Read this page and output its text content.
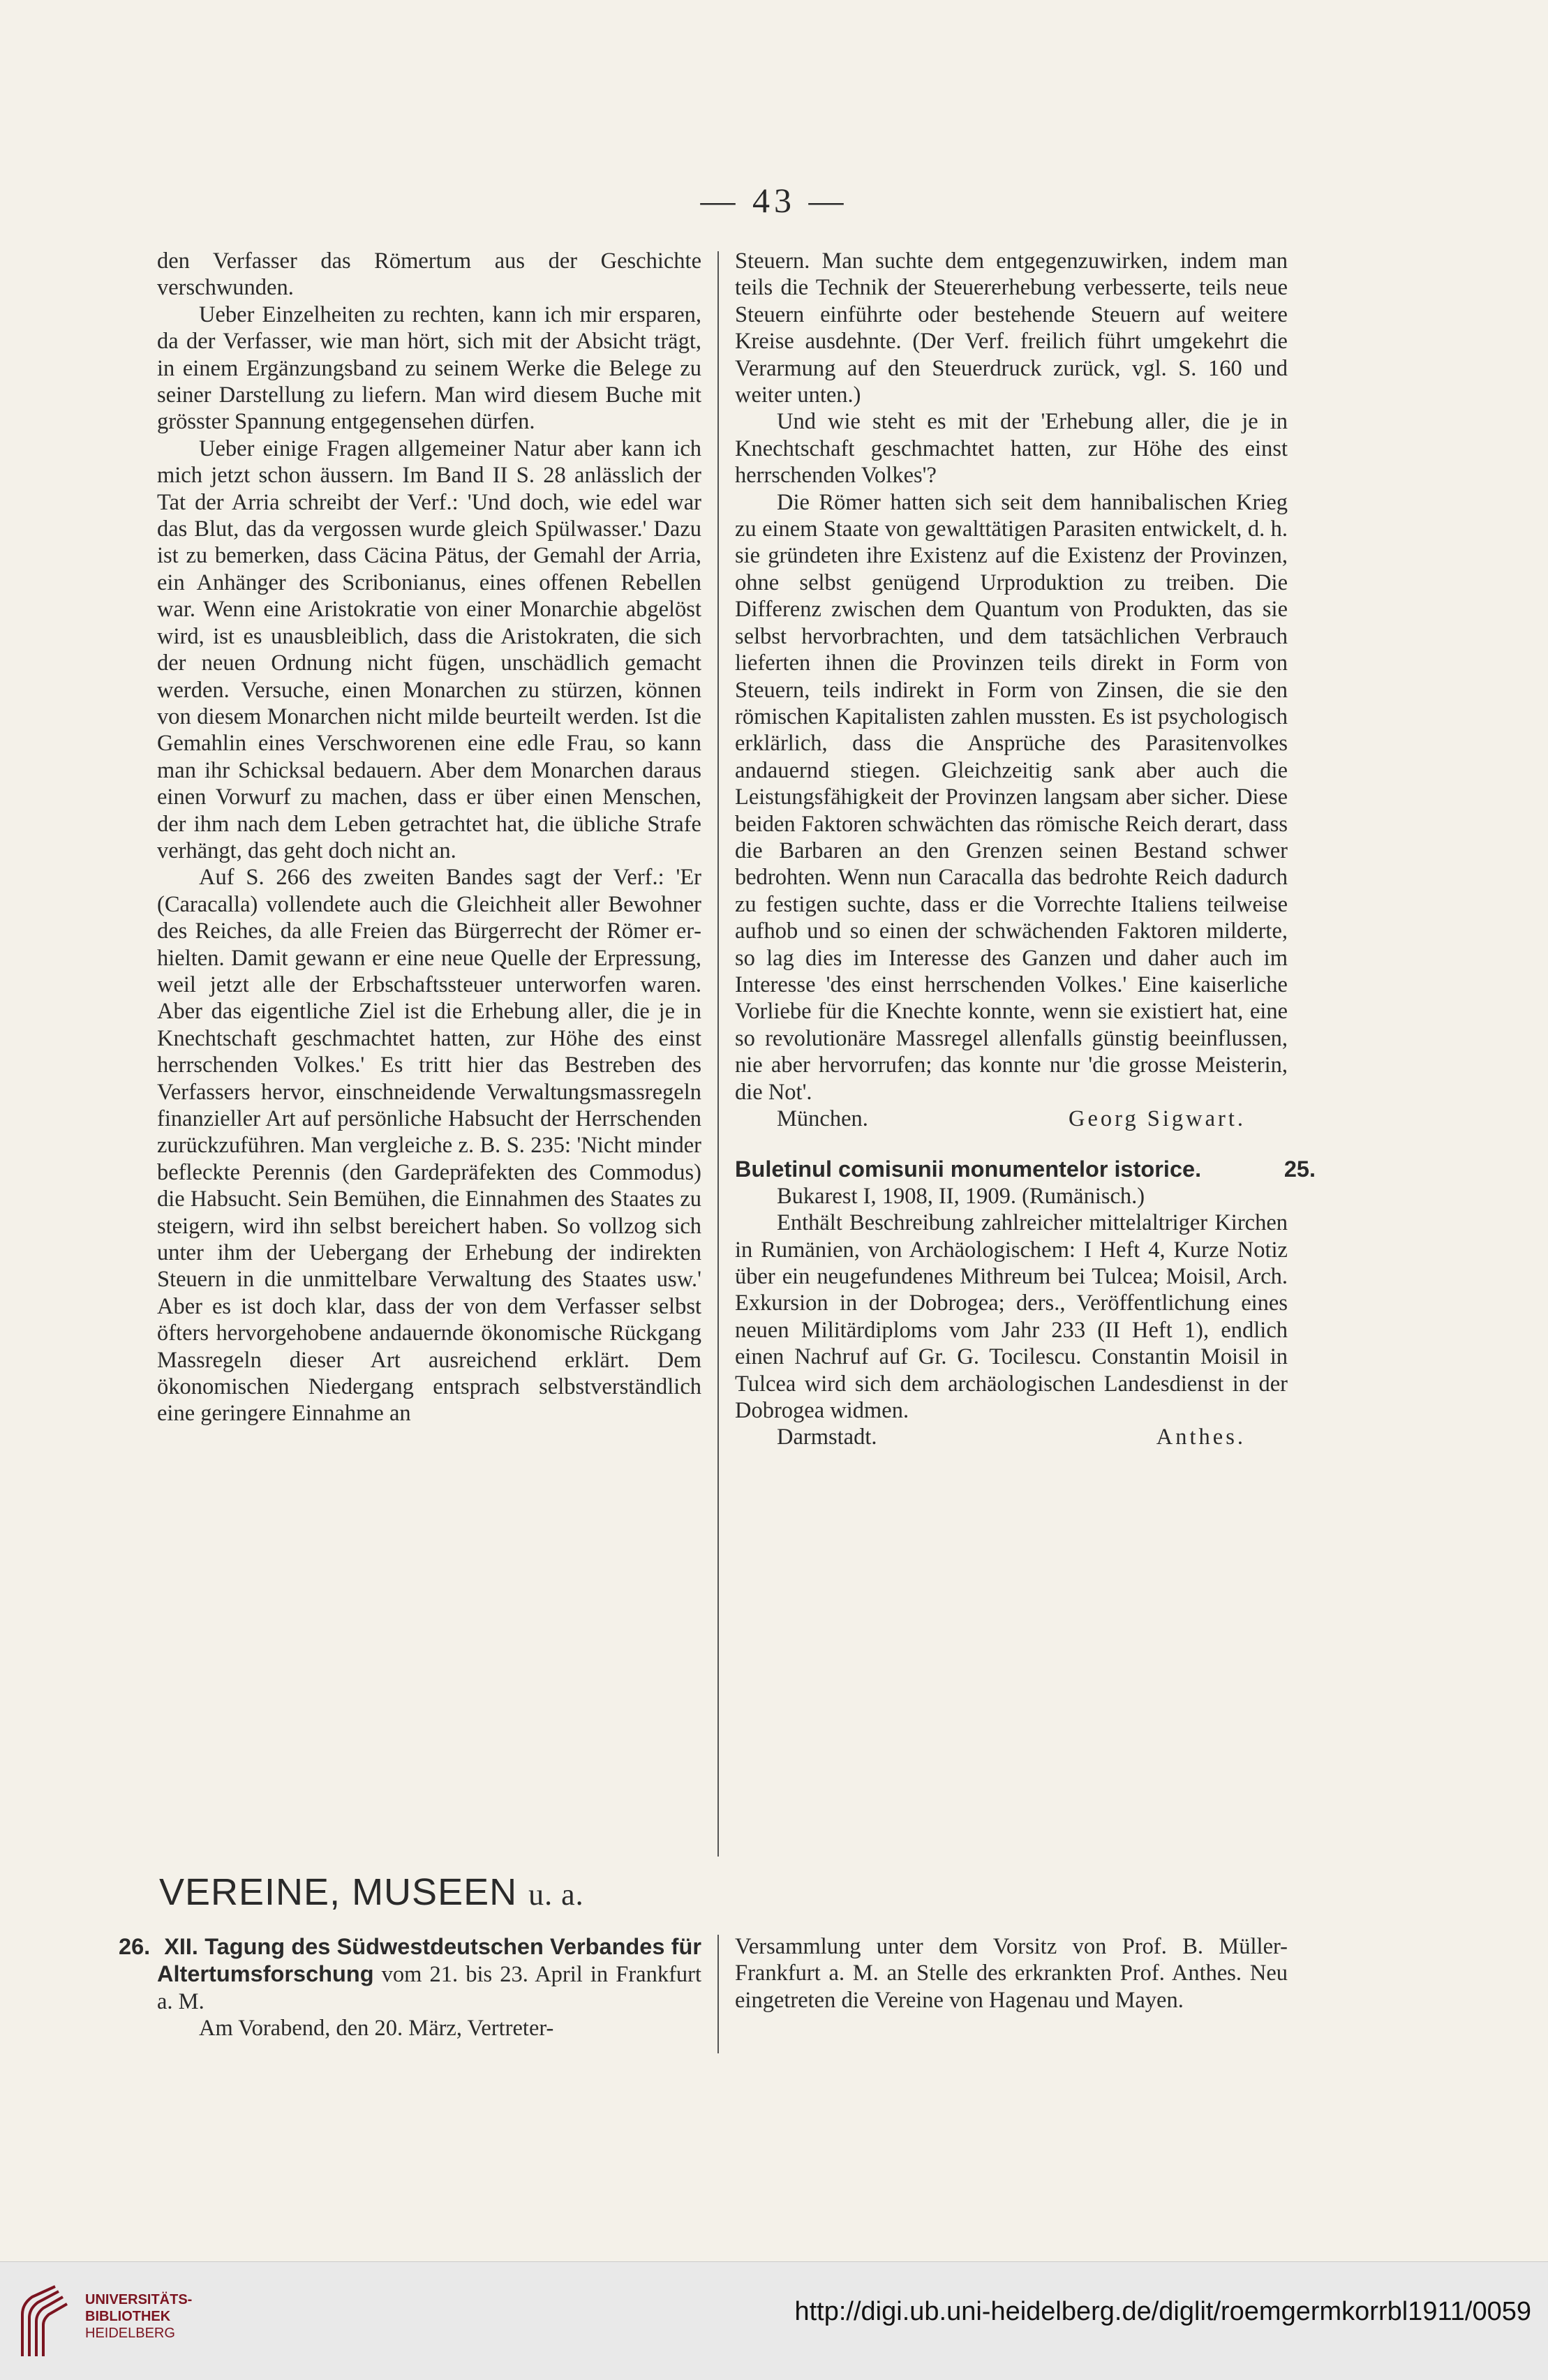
— 43 —

den Verfasser das Römertum aus der Geschichte verschwunden.

Ueber Einzelheiten zu rechten, kann ich mir ersparen, da der Verfasser, wie man hört, sich mit der Absicht trägt, in einem Ergänzungsband zu seinem Werke die Belege zu seiner Darstellung zu liefern. Man wird diesem Buche mit grösster Spannung entgegensehen dürfen.

Ueber einige Fragen allgemeiner Natur aber kann ich mich jetzt schon äussern. Im Band II S. 28 anlässlich der Tat der Arria schreibt der Verf.: 'Und doch, wie edel war das Blut, das da vergossen wurde gleich Spülwasser.' Dazu ist zu bemerken, dass Cäcina Pätus, der Gemahl der Arria, ein Anhänger des Scribonianus, eines offenen Rebellen war. Wenn eine Aristokratie von einer Monarchie abgelöst wird, ist es unausbleiblich, dass die Aristokraten, die sich der neuen Ordnung nicht fügen, unschädlich gemacht werden. Versuche, einen Monarchen zu stürzen, können von diesem Monarchen nicht milde beurteilt werden. Ist die Gemahlin eines Verschworenen eine edle Frau, so kann man ihr Schicksal bedauern. Aber dem Monarchen daraus einen Vorwurf zu machen, dass er über einen Menschen, der ihm nach dem Leben getrachtet hat, die übliche Strafe verhängt, das geht doch nicht an.

Auf S. 266 des zweiten Bandes sagt der Verf.: 'Er (Caracalla) vollendete auch die Gleichheit aller Bewohner des Reiches, da alle Freien das Bürgerrecht der Römer erhielten. Damit gewann er eine neue Quelle der Erpressung, weil jetzt alle der Erbschaftssteuer unterworfen waren. Aber das eigentliche Ziel ist die Erhebung aller, die je in Knechtschaft geschmachtet hatten, zur Höhe des einst herrschenden Volkes.' Es tritt hier das Bestreben des Verfassers hervor, einschneidende Verwaltungsmassregeln finanzieller Art auf persönliche Habsucht der Herrschenden zurückzuführen. Man vergleiche z. B. S. 235: 'Nicht minder befleckte Perennis (den Gardepräfekten des Commodus) die Habsucht. Sein Bemühen, die Einnahmen des Staates zu steigern, wird ihn selbst bereichert haben. So vollzog sich unter ihm der Uebergang der Erhebung der indirekten Steuern in die unmittelbare Verwaltung des Staates usw.' Aber es ist doch klar, dass der von dem Verfasser selbst öfters hervorgehobene andauernde ökonomische Rückgang Massregeln dieser Art ausreichend erklärt. Dem ökonomischen Niedergang entsprach selbstverständlich eine geringere Einnahme an

Steuern. Man suchte dem entgegenzuwirken, indem man teils die Technik der Steuererhebung verbesserte, teils neue Steuern einführte oder bestehende Steuern auf weitere Kreise ausdehnte. (Der Verf. freilich führt umgekehrt die Verarmung auf den Steuerdruck zurück, vgl. S. 160 und weiter unten.)

Und wie steht es mit der 'Erhebung aller, die je in Knechtschaft geschmachtet hatten, zur Höhe des einst herrschenden Volkes'?

Die Römer hatten sich seit dem hannibalischen Krieg zu einem Staate von gewalttätigen Parasiten entwickelt, d. h. sie gründeten ihre Existenz auf die Existenz der Provinzen, ohne selbst genügend Urproduktion zu treiben. Die Differenz zwischen dem Quantum von Produkten, das sie selbst hervorbrachten, und dem tatsächlichen Verbrauch lieferten ihnen die Provinzen teils direkt in Form von Steuern, teils indirekt in Form von Zinsen, die sie den römischen Kapitalisten zahlen mussten. Es ist psychologisch erklärlich, dass die Ansprüche des Parasitenvolkes andauernd stiegen. Gleichzeitig sank aber auch die Leistungsfähigkeit der Provinzen langsam aber sicher. Diese beiden Faktoren schwächten das römische Reich derart, dass die Barbaren an den Grenzen seinen Bestand schwer bedrohten. Wenn nun Caracalla das bedrohte Reich dadurch zu festigen suchte, dass er die Vorrechte Italiens teilweise aufhob und so einen der schwächenden Faktoren milderte, so lag dies im Interesse des Ganzen und daher auch im Interesse 'des einst herrschenden Volkes.' Eine kaiserliche Vorliebe für die Knechte konnte, wenn sie existiert hat, eine so revolutionäre Massregel allenfalls günstig beeinflussen, nie aber hervorrufen; das konnte nur 'die grosse Meisterin, die Not'.

München.	Georg Sigwart.

Buletinul comisunii monumentelor istorice.	25.

Bukarest I, 1908, II, 1909. (Rumänisch.)

Enthält Beschreibung zahlreicher mittelaltriger Kirchen in Rumänien, von Archäologischem: I Heft 4, Kurze Notiz über ein neugefundenes Mithreum bei Tulcea; Moisil, Arch. Exkursion in der Dobrogea; ders., Veröffentlichung eines neuen Militärdiploms vom Jahr 233 (II Heft 1), endlich einen Nachruf auf Gr. G. Tocilescu. Constantin Moisil in Tulcea wird sich dem archäologischen Landesdienst in der Dobrogea widmen.

Darmstadt.	Anthes.
VEREINE, MUSEEN u. a.

26. XII. Tagung des Südwestdeutschen Verbandes für Altertumsforschung vom 21. bis 23. April in Frankfurt a. M.

Am Vorabend, den 20. März, Vertreter-

Versammlung unter dem Vorsitz von Prof. B. Müller-Frankfurt a. M. an Stelle des erkrankten Prof. Anthes. Neu eingetreten die Vereine von Hagenau und Mayen.

UNIVERSITÄTS-
BIBLIOTHEK
HEIDELBERG
http://digi.ub.uni-heidelberg.de/diglit/roemgermkorrbl1911/0059
